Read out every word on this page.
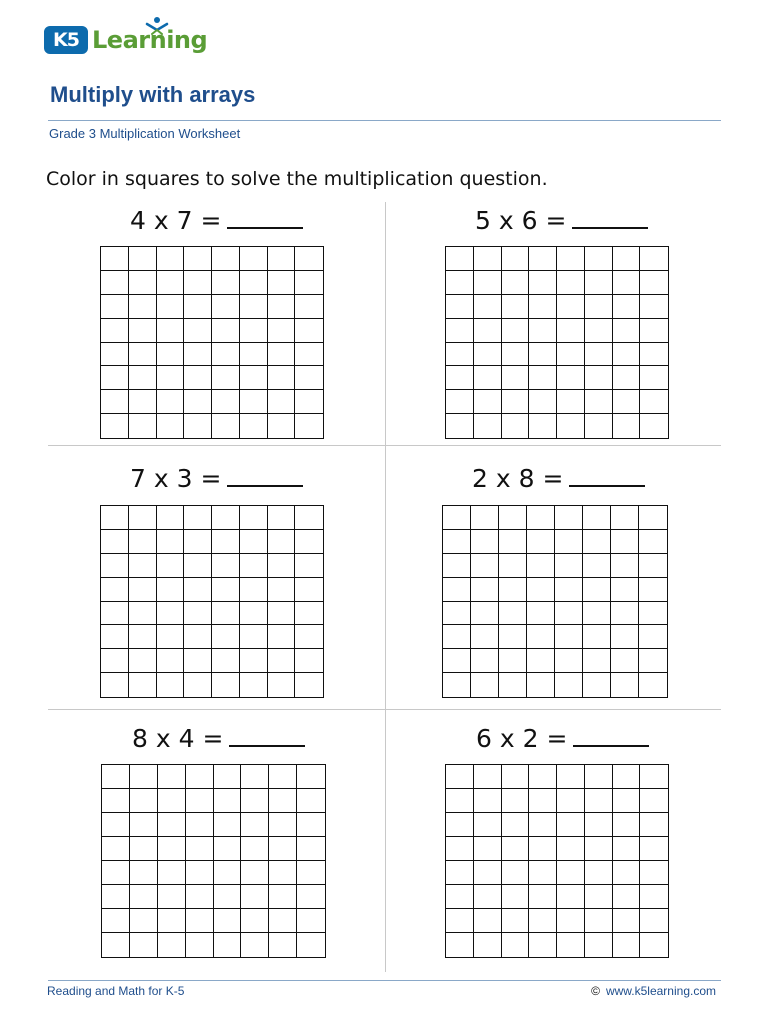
K5 Learning
Multiply with arrays
Grade 3 Multiplication Worksheet
Color in squares to solve the multiplication question.
4 x 7 =	5 x 6 =
7 x 3 =	2 x 8 =
8 x 4 =	6 x 2 =
Reading and Math for K-5	© www.k5learning.com
